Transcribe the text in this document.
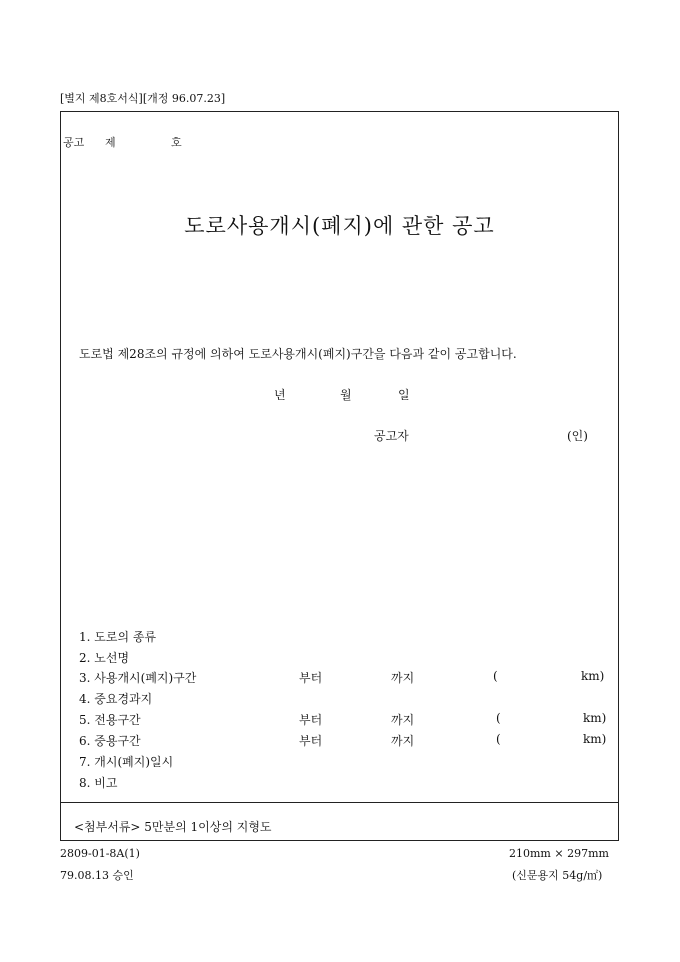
[별지 제8호서식][개정 96.07.23]
공고 제	호
도로사용개시(폐지)에 관한 공고
도로법 제28조의 규정에 의하여 도로사용개시(폐지)구간을 다음과 같이 공고합니다.
년	월	일
공고자	(인)
1. 도로의 종류
2. 노선명
3. 사용개시(폐지)구간	부터	까지	(	km)
4. 중요경과지
5. 전용구간	부터	까지	(	km)
6. 중용구간	부터	까지	(	km)
7. 개시(폐지)일시
8. 비고
<첨부서류> 5만분의 1이상의 지형도
2809-01-8A(1)
79.08.13 승인
210mm × 297mm
(신문용지 54g/㎡)
